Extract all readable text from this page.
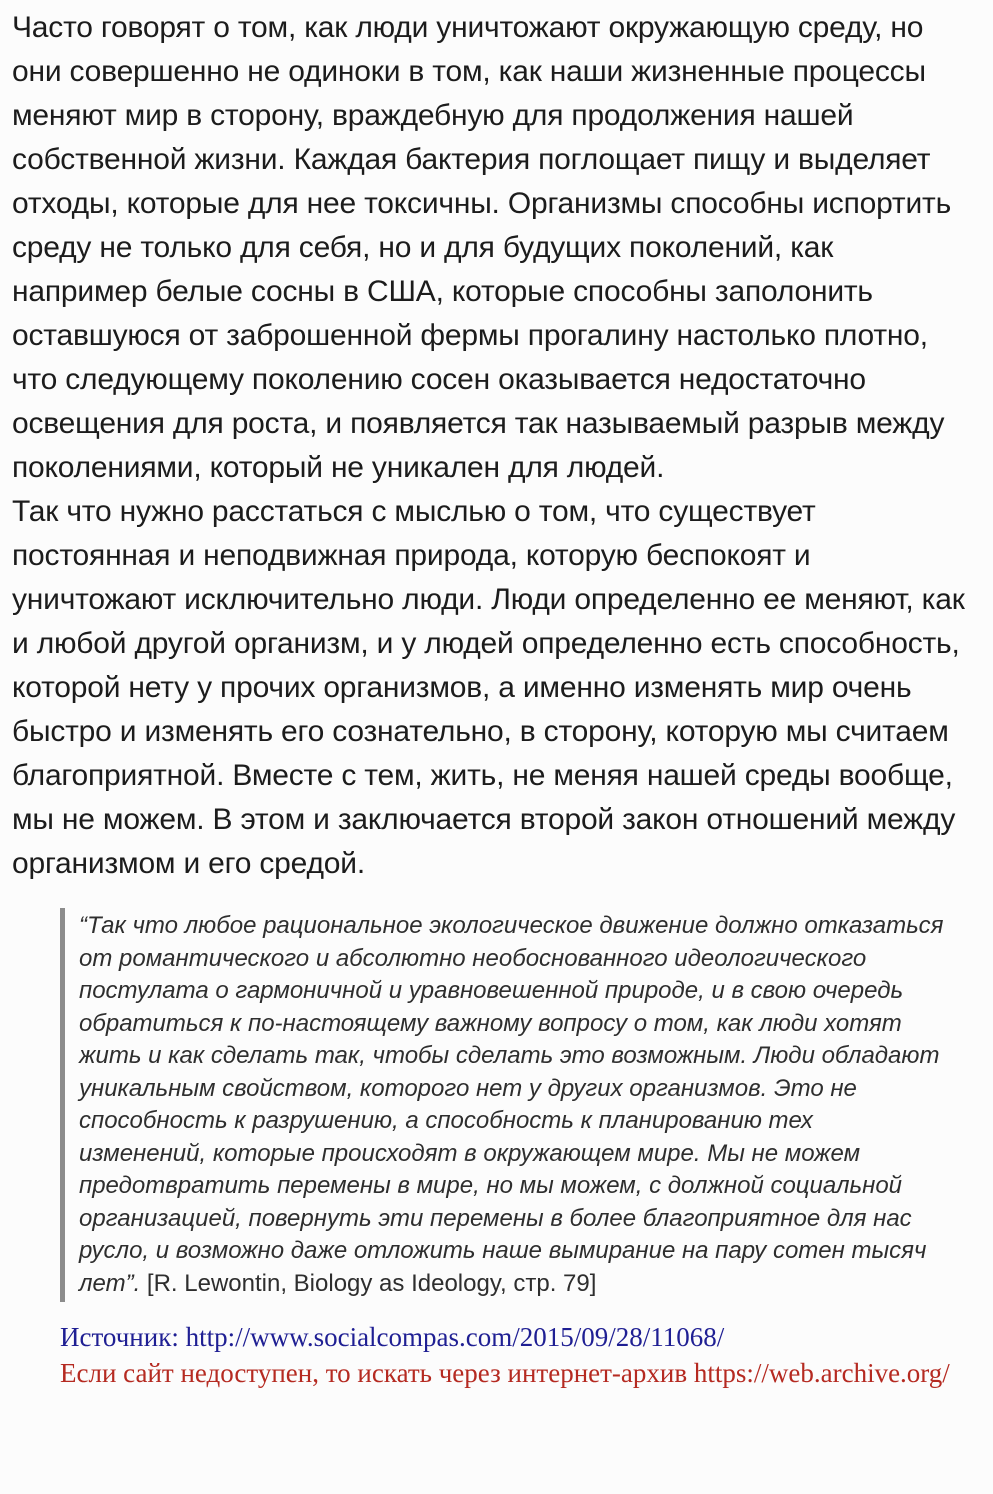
Часто говорят о том, как люди уничтожают окружающую среду, но они совершенно не одиноки в том, как наши жизненные процессы меняют мир в сторону, враждебную для продолжения нашей собственной жизни. Каждая бактерия поглощает пищу и выделяет отходы, которые для нее токсичны. Организмы способны испортить среду не только для себя, но и для будущих поколений, как например белые сосны в США, которые способны заполонить оставшуюся от заброшенной фермы прогалину настолько плотно, что следующему поколению сосен оказывается недостаточно освещения для роста, и появляется так называемый разрыв между поколениями, который не уникален для людей.

Так что нужно расстаться с мыслью о том, что существует постоянная и неподвижная природа, которую беспокоят и уничтожают исключительно люди. Люди определенно ее меняют, как и любой другой организм, и у людей определенно есть способность, которой нету у прочих организмов, а именно изменять мир очень быстро и изменять его сознательно, в сторону, которую мы считаем благоприятной. Вместе с тем, жить, не меняя нашей среды вообще, мы не можем. В этом и заключается второй закон отношений между организмом и его средой.

“Так что любое рациональное экологическое движение должно отказаться от романтического и абсолютно необоснованного идеологического постулата о гармоничной и уравновешенной природе, и в свою очередь обратиться к по-настоящему важному вопросу о том, как люди хотят жить и как сделать так, чтобы сделать это возможным. Люди обладают уникальным свойством, которого нет у других организмов. Это не способность к разрушению, а способность к планированию тех изменений, которые происходят в окружающем мире. Мы не можем предотвратить перемены в мире, но мы можем, с должной социальной организацией, повернуть эти перемены в более благоприятное для нас русло, и возможно даже отложить наше вымирание на пару сотен тысяч лет”. [R. Lewontin, Biology as Ideology, стр. 79]
Источник: http://www.socialcompas.com/2015/09/28/11068/
Если сайт недоступен, то искать через интернет-архив https://web.archive.org/
